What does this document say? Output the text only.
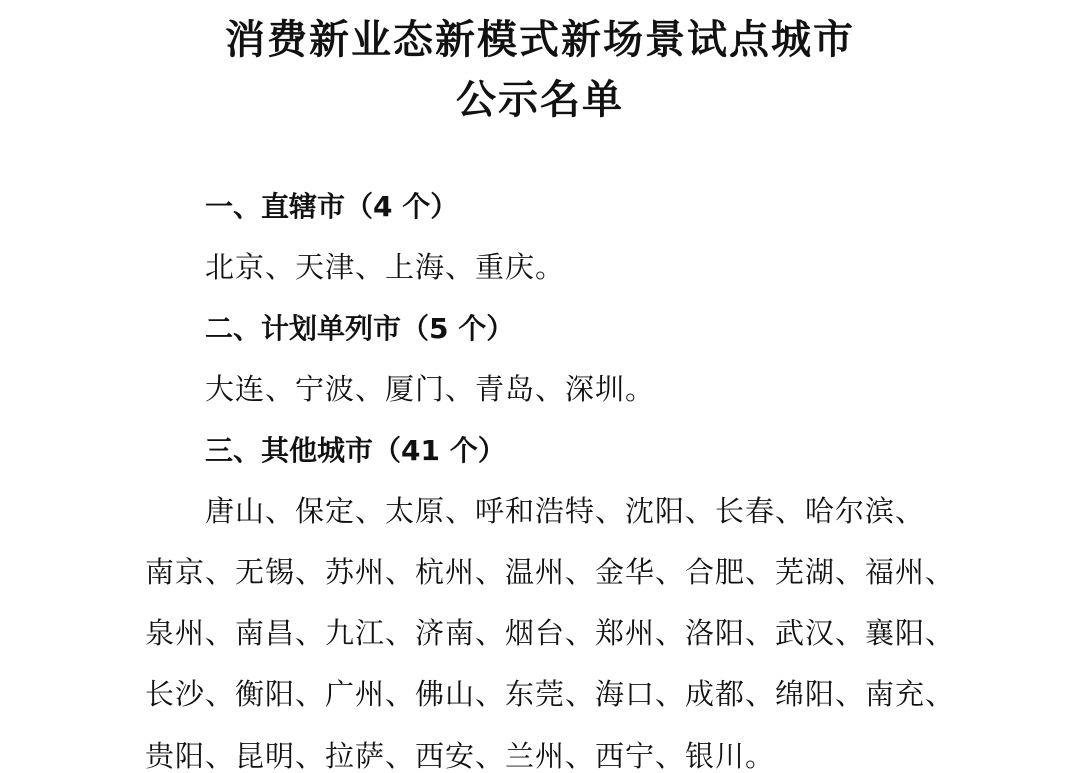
消费新业态新模式新场景试点城市
公示名单
一、直辖市（4 个）
北京、天津、上海、重庆。
二、计划单列市（5 个）
大连、宁波、厦门、青岛、深圳。
三、其他城市（41 个）
唐山、保定、太原、呼和浩特、沈阳、长春、哈尔滨、
南京、无锡、苏州、杭州、温州、金华、合肥、芜湖、福州、
泉州、南昌、九江、济南、烟台、郑州、洛阳、武汉、襄阳、
长沙、衡阳、广州、佛山、东莞、海口、成都、绵阳、南充、
贵阳、昆明、拉萨、西安、兰州、西宁、银川。
